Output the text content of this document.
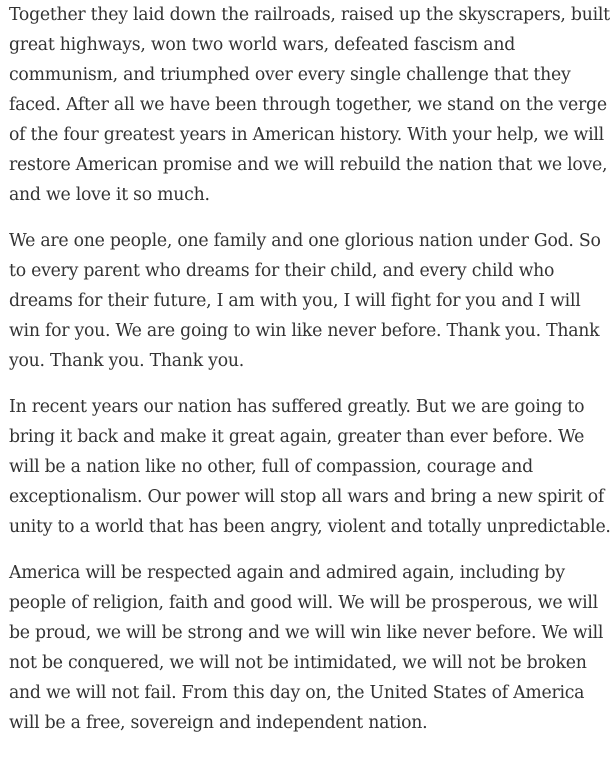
Together they laid down the railroads, raised up the skyscrapers, built great highways, won two world wars, defeated fascism and communism, and triumphed over every single challenge that they faced. After all we have been through together, we stand on the verge of the four greatest years in American history. With your help, we will restore American promise and we will rebuild the nation that we love, and we love it so much.

We are one people, one family and one glorious nation under God. So to every parent who dreams for their child, and every child who dreams for their future, I am with you, I will fight for you and I will win for you. We are going to win like never before. Thank you. Thank you. Thank you. Thank you.

In recent years our nation has suffered greatly. But we are going to bring it back and make it great again, greater than ever before. We will be a nation like no other, full of compassion, courage and exceptionalism. Our power will stop all wars and bring a new spirit of unity to a world that has been angry, violent and totally unpredictable.

America will be respected again and admired again, including by people of religion, faith and good will. We will be prosperous, we will be proud, we will be strong and we will win like never before. We will not be conquered, we will not be intimidated, we will not be broken and we will not fail. From this day on, the United States of America will be a free, sovereign and independent nation.
